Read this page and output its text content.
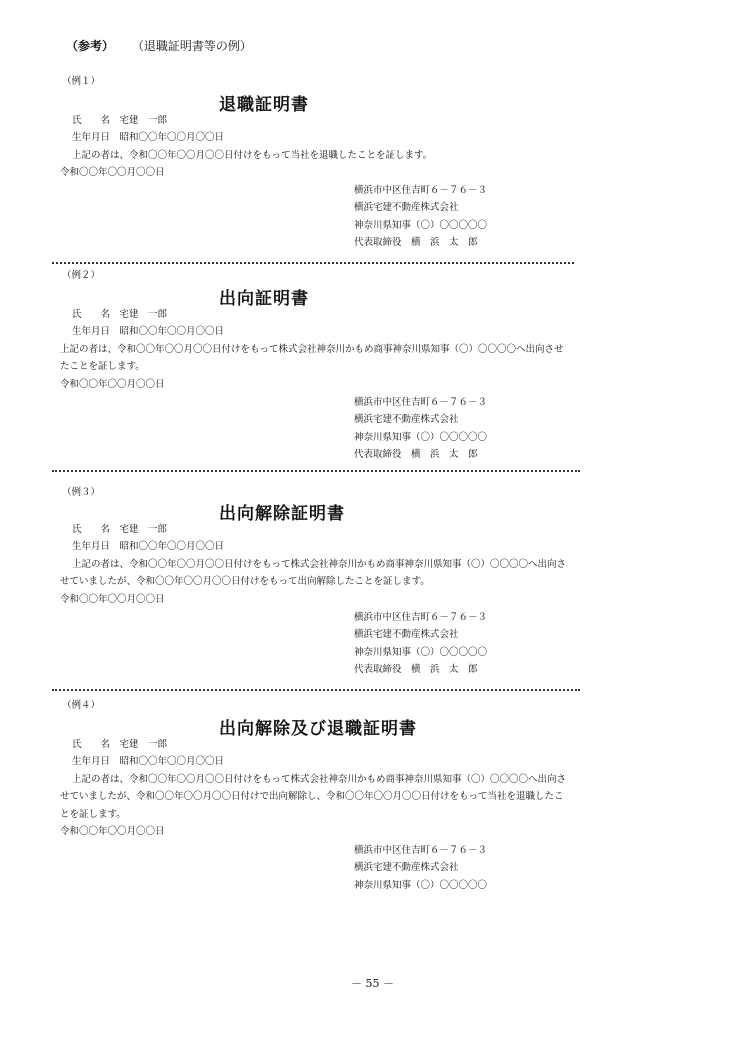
（参考） （退職証明書等の例）
（例１）
退職証明書
氏　　名　宅建　一郎
生年月日　昭和〇〇年〇〇月〇〇日
上記の者は、令和〇〇年〇〇月〇〇日付けをもって当社を退職したことを証します。
令和〇〇年〇〇月〇〇日
横浜市中区住吉町６－７６－３
横浜宅建不動産株式会社
神奈川県知事（〇）〇〇〇〇〇
代表取締役　横　浜　太　郎
（例２）
出向証明書
氏　　名　宅建　一郎
生年月日　昭和〇〇年〇〇月〇〇日
上記の者は、令和〇〇年〇〇月〇〇日付けをもって株式会社神奈川かもめ商事神奈川県知事（〇）〇〇〇〇へ出向させ
たことを証します。
令和〇〇年〇〇月〇〇日
横浜市中区住吉町６－７６－３
横浜宅建不動産株式会社
神奈川県知事（〇）〇〇〇〇〇
代表取締役　横　浜　太　郎
（例３）
出向解除証明書
氏　　名　宅建　一郎
生年月日　昭和〇〇年〇〇月〇〇日
上記の者は、令和〇〇年〇〇月〇〇日付けをもって株式会社神奈川かもめ商事神奈川県知事（〇）〇〇〇〇へ出向さ
せていましたが、令和〇〇年〇〇月〇〇日付けをもって出向解除したことを証します。
令和〇〇年〇〇月〇〇日
横浜市中区住吉町６－７６－３
横浜宅建不動産株式会社
神奈川県知事（〇）〇〇〇〇〇
代表取締役　横　浜　太　郎
（例４）
出向解除及び退職証明書
氏　　名　宅建　一郎
生年月日　昭和〇〇年〇〇月〇〇日
上記の者は、令和〇〇年〇〇月〇〇日付けをもって株式会社神奈川かもめ商事神奈川県知事（〇）〇〇〇〇へ出向さ
せていましたが、令和〇〇年〇〇月〇〇日付けで出向解除し、令和〇〇年〇〇月〇〇日付けをもって当社を退職したこ
とを証します。
令和〇〇年〇〇月〇〇日
横浜市中区住吉町６－７６－３
横浜宅建不動産株式会社
神奈川県知事（〇）〇〇〇〇〇
－ 55 －
